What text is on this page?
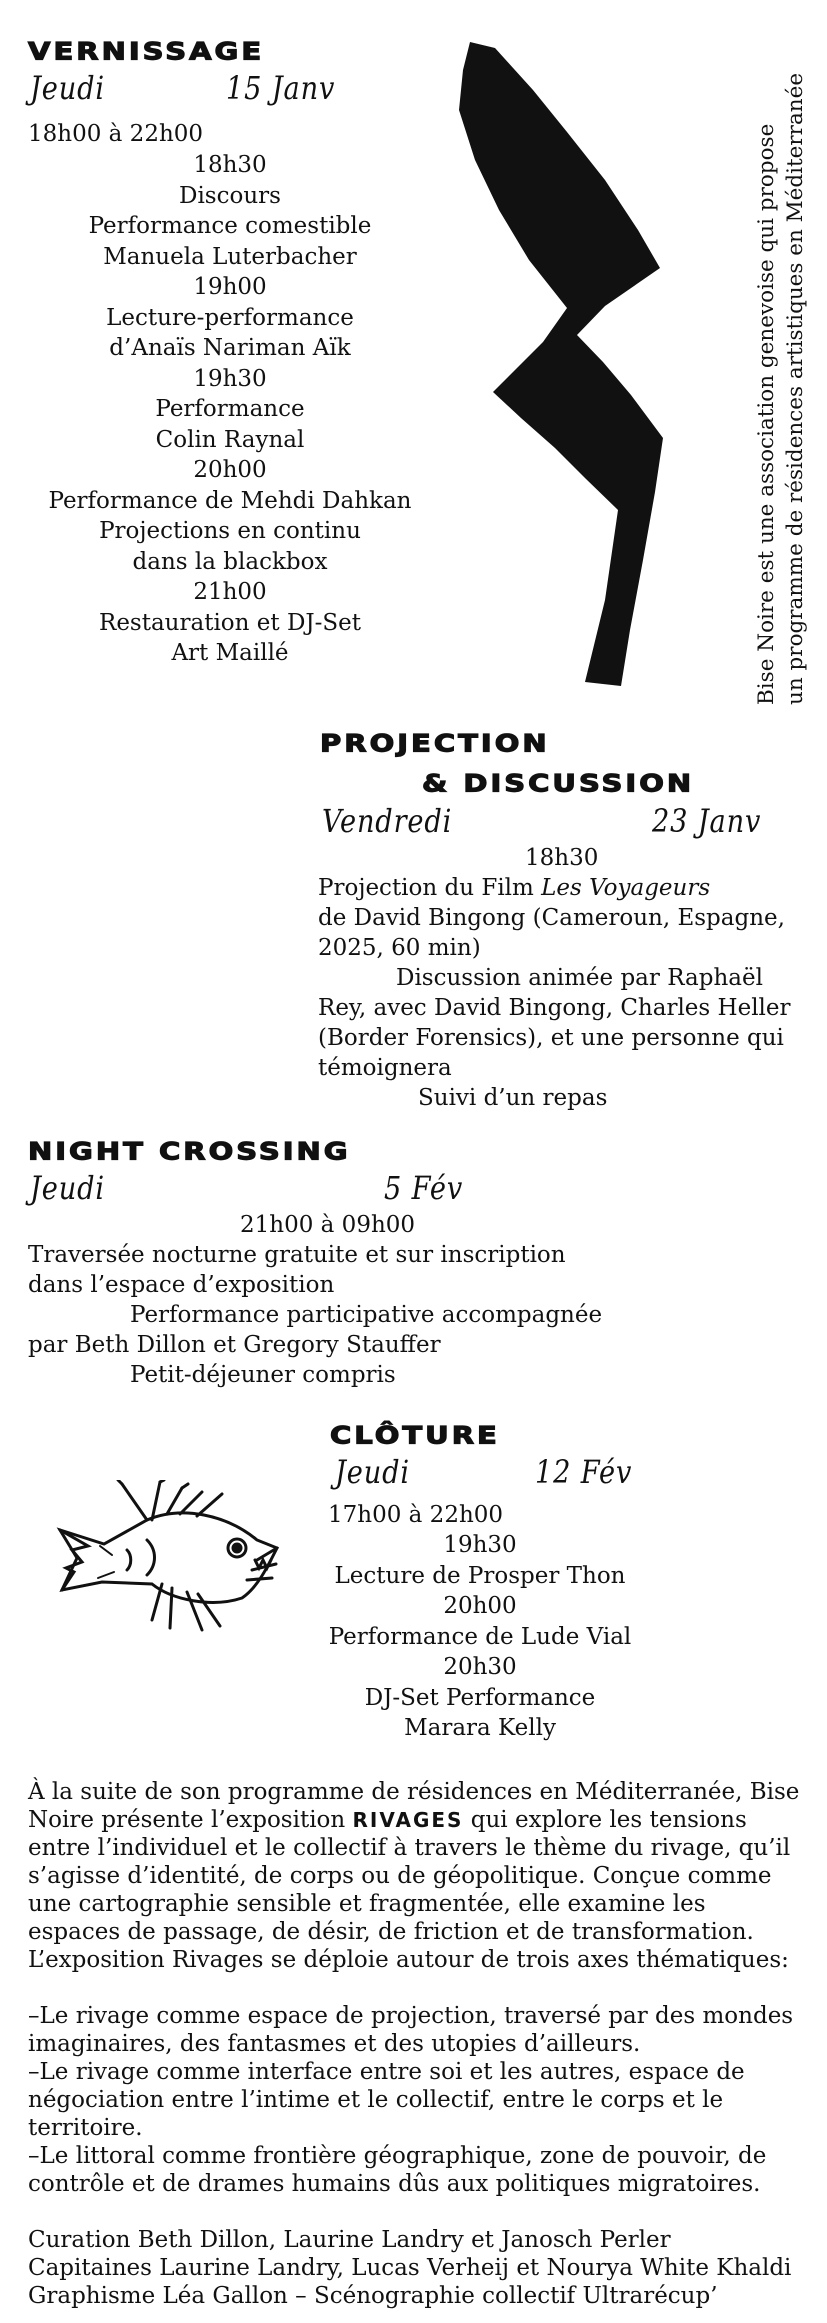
Bise Noire est une association genevoise qui propose un programme de résidences artistiques en Méditerranée
VERNISSAGE
Jeudi	15 Janv
18h00 à 22h00
18h30
Discours
Performance comestible
Manuela Luterbacher
19h00
Lecture-performance
d’Anaïs Nariman Aïk
19h30
Performance
Colin Raynal
20h00
Performance de Mehdi Dahkan
Projections en continu
dans la blackbox
21h00
Restauration et DJ-Set
Art Maillé
PROJECTION
& DISCUSSION
Vendredi	23 Janv
18h30
Projection du Film Les Voyageurs
de David Bingong (Cameroun, Espagne,
2025, 60 min)
Discussion animée par Raphaël
Rey, avec David Bingong, Charles Heller
(Border Forensics), et une personne qui
témoignera
Suivi d’un repas
NIGHT CROSSING
Jeudi	5 Fév
21h00 à 09h00
Traversée nocturne gratuite et sur inscription
dans l’espace d’exposition
Performance participative accompagnée
par Beth Dillon et Gregory Stauffer
Petit-déjeuner compris
CLÔTURE
Jeudi	12 Fév
17h00 à 22h00
19h30
Lecture de Prosper Thon
20h00
Performance de Lude Vial
20h30
DJ-Set Performance
Marara Kelly

À la suite de son programme de résidences en Méditerranée, Bise Noire présente l’exposition RIVAGES qui explore les tensions entre l’individuel et le collectif à travers le thème du rivage, qu’il s’agisse d’identité, de corps ou de géopolitique. Conçue comme une cartographie sensible et fragmentée, elle examine les espaces de passage, de désir, de friction et de transformation. L’exposition Rivages se déploie autour de trois axes thématiques:

–Le rivage comme espace de projection, traversé par des mondes imaginaires, des fantasmes et des utopies d’ailleurs.

–Le rivage comme interface entre soi et les autres, espace de négociation entre l’intime et le collectif, entre le corps et le territoire.

–Le littoral comme frontière géographique, zone de pouvoir, de contrôle et de drames humains dûs aux politiques migratoires.

Curation Beth Dillon, Laurine Landry et Janosch Perler

Capitaines Laurine Landry, Lucas Verheij et Nourya White Khaldi

Graphisme Léa Gallon – Scénographie collectif Ultrarécup’
